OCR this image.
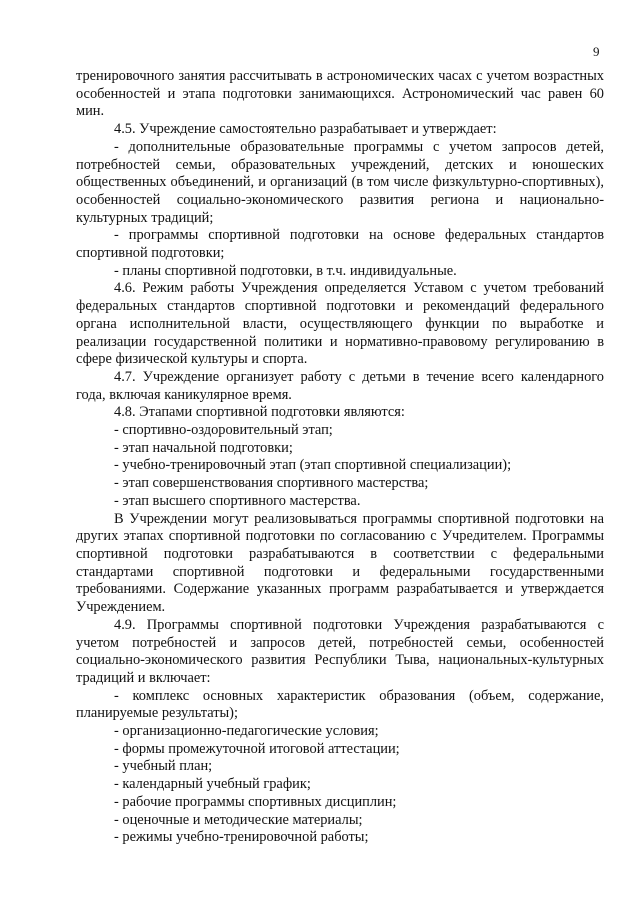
9

тренировочного занятия рассчитывать в астрономических часах с учетом возрастных особенностей и этапа подготовки занимающихся. Астрономический час равен 60 мин.

4.5. Учреждение самостоятельно разрабатывает и утверждает:

- дополнительные образовательные программы с учетом запросов детей, потребностей семьи, образовательных учреждений, детских и юношеских общественных объединений, и организаций (в том числе физкультурно-спортивных), особенностей социально-экономического развития региона и национально-культурных традиций;

- программы спортивной подготовки на основе федеральных стандартов спортивной подготовки;

- планы спортивной подготовки, в т.ч. индивидуальные.

4.6. Режим работы Учреждения определяется Уставом с учетом требований федеральных стандартов спортивной подготовки и рекомендаций федерального органа исполнительной власти, осуществляющего функции по выработке и реализации государственной политики и нормативно-правовому регулированию в сфере физической культуры и спорта.

4.7. Учреждение организует работу с детьми в течение всего календарного года, включая каникулярное время.

4.8. Этапами спортивной подготовки являются:

- спортивно-оздоровительный этап;

- этап начальной подготовки;

- учебно-тренировочный этап (этап спортивной специализации);

- этап совершенствования спортивного мастерства;

- этап высшего спортивного мастерства.

В Учреждении могут реализовываться программы спортивной подготовки на других этапах спортивной подготовки по согласованию с Учредителем. Программы спортивной подготовки разрабатываются в соответствии с федеральными стандартами спортивной подготовки и федеральными государственными требованиями. Содержание указанных программ разрабатывается и утверждается Учреждением.

4.9. Программы спортивной подготовки Учреждения разрабатываются с учетом потребностей и запросов детей, потребностей семьи, особенностей социально-экономического развития Республики Тыва, национальных-культурных традиций и включает:

- комплекс основных характеристик образования (объем, содержание, планируемые результаты);

- организационно-педагогические условия;

- формы промежуточной итоговой аттестации;

- учебный план;

- календарный учебный график;

- рабочие программы спортивных дисциплин;

- оценочные и методические материалы;

- режимы учебно-тренировочной работы;
